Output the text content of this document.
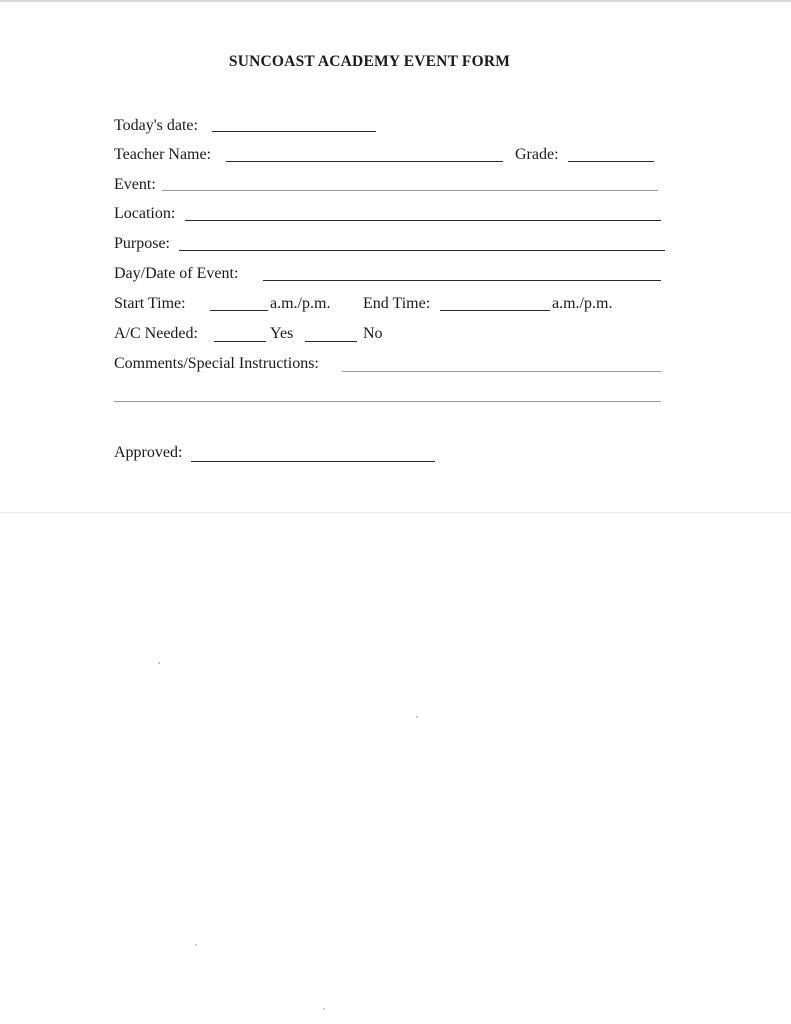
SUNCOAST ACADEMY EVENT FORM
Today's date:
Teacher Name:	Grade:
Event:
Location:
Purpose:
Day/Date of Event:
Start Time:	a.m./p.m. End Time:	a.m./p.m.
A/C Needed:	Yes	No
Comments/Special Instructions:
Approved:
